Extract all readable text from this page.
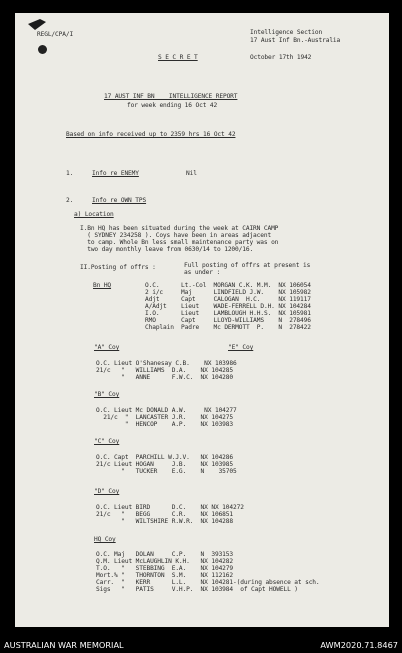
REGL/CPA/I	Intelligence Section
17 Aust Inf Bn.-Australia
S E C R E T	October 17th 1942
17 AUST INF BN    INTELLIGENCE REPORT
for week ending 16 Oct 42
Based on info received up to 2359 hrs 16 Oct 42
1.	Info re ENEMY	Nil
2.	Info re OWN TPS
a) Location
I.Bn HQ has been situated during the week at CAIRN CAMP
( SYDNEY 234258 ). Coys have been in areas adjacent
to camp. Whole Bn less small maintenance party was on
two day monthly leave from 0630/14 to 1200/16.
II.Posting of offrs :	Full posting of offrs at present is
as under :
Bn HQ	O.C.      Lt.-Col  MORGAN C.K. M.M.  NX 106054
2 i/c     Maj      LINDFIELD J.W.    NX 105982
Adjt      Capt     CALOGAN  H.C.     NX 119117
A/Adjt    Lieut    WADE-FERRELL D.H. NX 104284
I.O.      Lieut    LAMBLOUGH H.H.S.  NX 105981
RMO       Capt     LLOYD-WILLIAMS    N  278496
Chaplain  Padre    Mc DERMOTT  P.    N  278422
"A" Coy	"E" Coy
O.C. Lieut O'Shanesay C.B.    NX 103986
21/c   "   WILLIAMS  D.A.    NX 104285
"   ANNE      F.W.C.  NX 104280
"B" Coy
O.C. Lieut Mc DONALD A.W.     NX 104277
21/c  "  LANCASTER J.R.    NX 104275
"  HENCOP    A.P.    NX 103983
"C" Coy
O.C. Capt  PARCHILL W.J.V.   NX 104286
21/c Lieut HOGAN     J.B.    NX 103985
"   TUCKER    E.G.    N    35705
"D" Coy
O.C. Lieut BIRD      D.C.    NX NX 104272
21/c   "   BEGG      C.R.    NX 106851
"   WILTSHIRE R.W.R.  NX 104288
HQ Coy
O.C. Maj   DOLAN     C.P.    N  393153
Q.M. Lieut McLAUGHLIN K.H.   NX 104282
T.O.   "   STEBBING  E.A.    NX 104279
Mort.% "   THORNTON  S.M.    NX 112162
Carr.  "   KERR      L.L.    NX 104281-(during absence at sch.
Sigs   "   PATIS     V.H.P.  NX 103984  of Capt HOWELL )
AUSTRALIAN WAR MEMORIAL	AWM2020.71.8467
